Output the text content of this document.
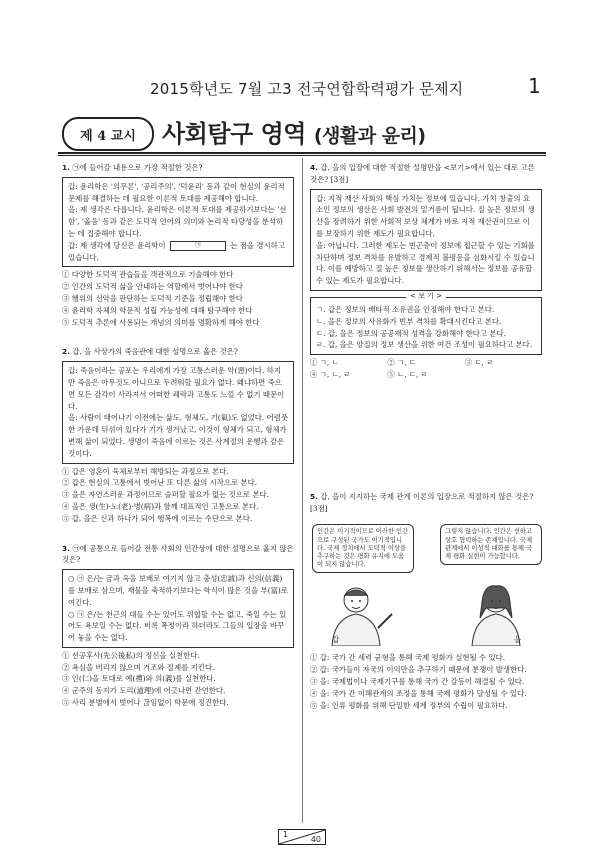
2015학년도 7월 고3 전국연합학력평가 문제지	1
제 4 교시	사회탐구 영역 (생활과 윤리)

1. ㉠에 들어갈 내용으로 가장 적절한 것은?

갑: 윤리학은 '의무론', '공리주의', '덕윤리' 등과 같이 현실의 윤리적 문제를 해결하는 데 필요한 이론적 토대를 제공해야 합니다.

을: 제 생각은 다릅니다. 윤리학은 이론적 토대를 제공하기보다는 '선함', '옳음' 등과 같은 도덕적 언어의 의미와 논리적 타당성을 분석하는 데 집중해야 합니다.

갑: 제 생각에 당신은 윤리학이	㉠	는 점을 경시하고 있습니다.

① 다양한 도덕적 관습들을 객관적으로 기술해야 한다
② 인간의 도덕적 삶을 안내하는 역할에서 벗어나야 한다
③ 행위의 선악을 판단하는 도덕적 기준을 정립해야 한다
④ 윤리학 자체의 학문적 성립 가능성에 대해 탐구해야 한다
⑤ 도덕적 추론에 사용되는 개념의 의미를 명확하게 해야 한다

2. 갑, 을 사상가의 죽음관에 대한 설명으로 옳은 것은?

갑: 죽음이라는 공포는 우리에게 가장 고통스러운 악(惡)이다. 하지만 죽음은 아무것도 아니므로 두려워할 필요가 없다. 왜냐하면 죽으면 모든 감각이 사라져서 어떠한 쾌락과 고통도 느낄 수 없기 때문이다.

을: 사람이 태어나기 이전에는 삶도, 형체도, 기(氣)도 없었다. 어렴풋한 가운데 뒤섞여 있다가 기가 생겨났고, 이것이 형체가 되고, 형체가 변해 삶이 되었다. 생명이 죽음에 이르는 것은 사계절의 운행과 같은 것이다.

① 갑은 영혼이 육체로부터 해방되는 과정으로 본다.
② 갑은 현실의 고통에서 벗어난 또 다른 삶의 시작으로 본다.
③ 을은 자연스러운 과정이므로 슬퍼할 필요가 없는 것으로 본다.
④ 을은 생(生)·노(老)·병(病)과 함께 대표적인 고통으로 본다.
⑤ 갑, 을은 신과 하나가 되어 행복에 이르는 수단으로 본다.

3. ㉠에 공통으로 들어갈 전통 사회의 인간상에 대한 설명으로 옳지 않은 것은?

○ ㉠ 은/는 금과 옥을 보배로 여기지 않고 충성(忠誠)과 신의(信義)를 보배로 삼으며, 재물을 축적하기보다는 학식이 많은 것을 부(富)로 여긴다.

○ ㉠ 은/는 천근의 대들 수는 있어도 위협할 수는 없고, 죽일 수는 있어도 욕보일 수는 없다. 비록 폭정이라 하더라도 그들의 입장을 바꾸어 놓을 수는 없다.

① 선공후사(先公後私)의 정신을 실천한다.
② 욕심을 버리지 않으며 거조와 절제를 지킨다.
③ 인(仁)을 토대로 예(禮)와 의(義)를 실천한다.
④ 군주의 동지가 도리(道理)에 어긋나면 간언한다.
⑤ 사리 분별에서 벗어나 끊임없이 학문에 정진한다.

4. 갑, 을의 입장에 대한 적절한 설명만을 <보기>에서 있는 대로 고른 것은? [3점]

갑: 지적 재산 사회의 핵심 가치는 정보에 있습니다. 가치 창출의 요소인 정보의 생산은 사회 발전의 밑거름이 됩니다. 질 높은 정보의 생산을 장려하기 위한 사회적 보상 체계가 바로 지적 재산권이므로 이를 보장하기 위한 제도가 필요합니다.

을: 아닙니다. 그러한 제도는 빈곤층이 정보에 접근할 수 있는 기회를 차단하며 정보 격차를 유발하고 경제적 불평등을 심화시킬 수 있습니다. 이를 예방하고 질 높은 정보를 생산하기 위해서는 정보를 공유할 수 있는 제도가 필요합니다.

< 보 기 >

ㄱ. 갑은 정보의 배타적 소유권을 인정해야 한다고 본다.

ㄴ. 을은 정보의 사유화가 빈부 격차를 확대시킨다고 본다.

ㄷ. 갑, 을은 정보의 공공재적 성격을 강화해야 한다고 본다.

ㄹ. 갑, 을은 양질의 정보 생산을 위한 여건 조성이 필요하다고 본다.

① ㄱ, ㄴ	② ㄱ, ㄷ	③ ㄷ, ㄹ
④ ㄱ, ㄴ, ㄹ	⑤ ㄴ, ㄷ, ㄹ

5. 갑, 을이 지지하는 국제 관계 이론의 입장으로 적절하지 않은 것은? [3점]

인간은 이기적이므로 이러한 인간으로 구성된 국가도 이기적입니다. 국제 정치에서 도덕적 이상을 추구하는 것은 평화 유지에 도움이 되지 않습니다.
그렇지 않습니다. 인간은 선하고 상호 협력하는 존재입니다. 국제 관계에서 이성적 대화를 통해 국제 평화 실현이 가능합니다.
갑	을
① 갑: 국가 간 세력 균형을 통해 국제 평화가 실현될 수 있다.
② 갑: 국가들이 자국의 이익만을 추구하기 때문에 분쟁이 발생한다.
③ 을: 국제법이나 국제기구를 통해 국가 간 갈등이 해결될 수 있다.
④ 을: 국가 간 이해관계의 조정을 통해 국제 평화가 달성될 수 있다.
⑤ 을: 인류 평화를 위해 단일한 세계 정부의 수립이 필요하다.
1
40
